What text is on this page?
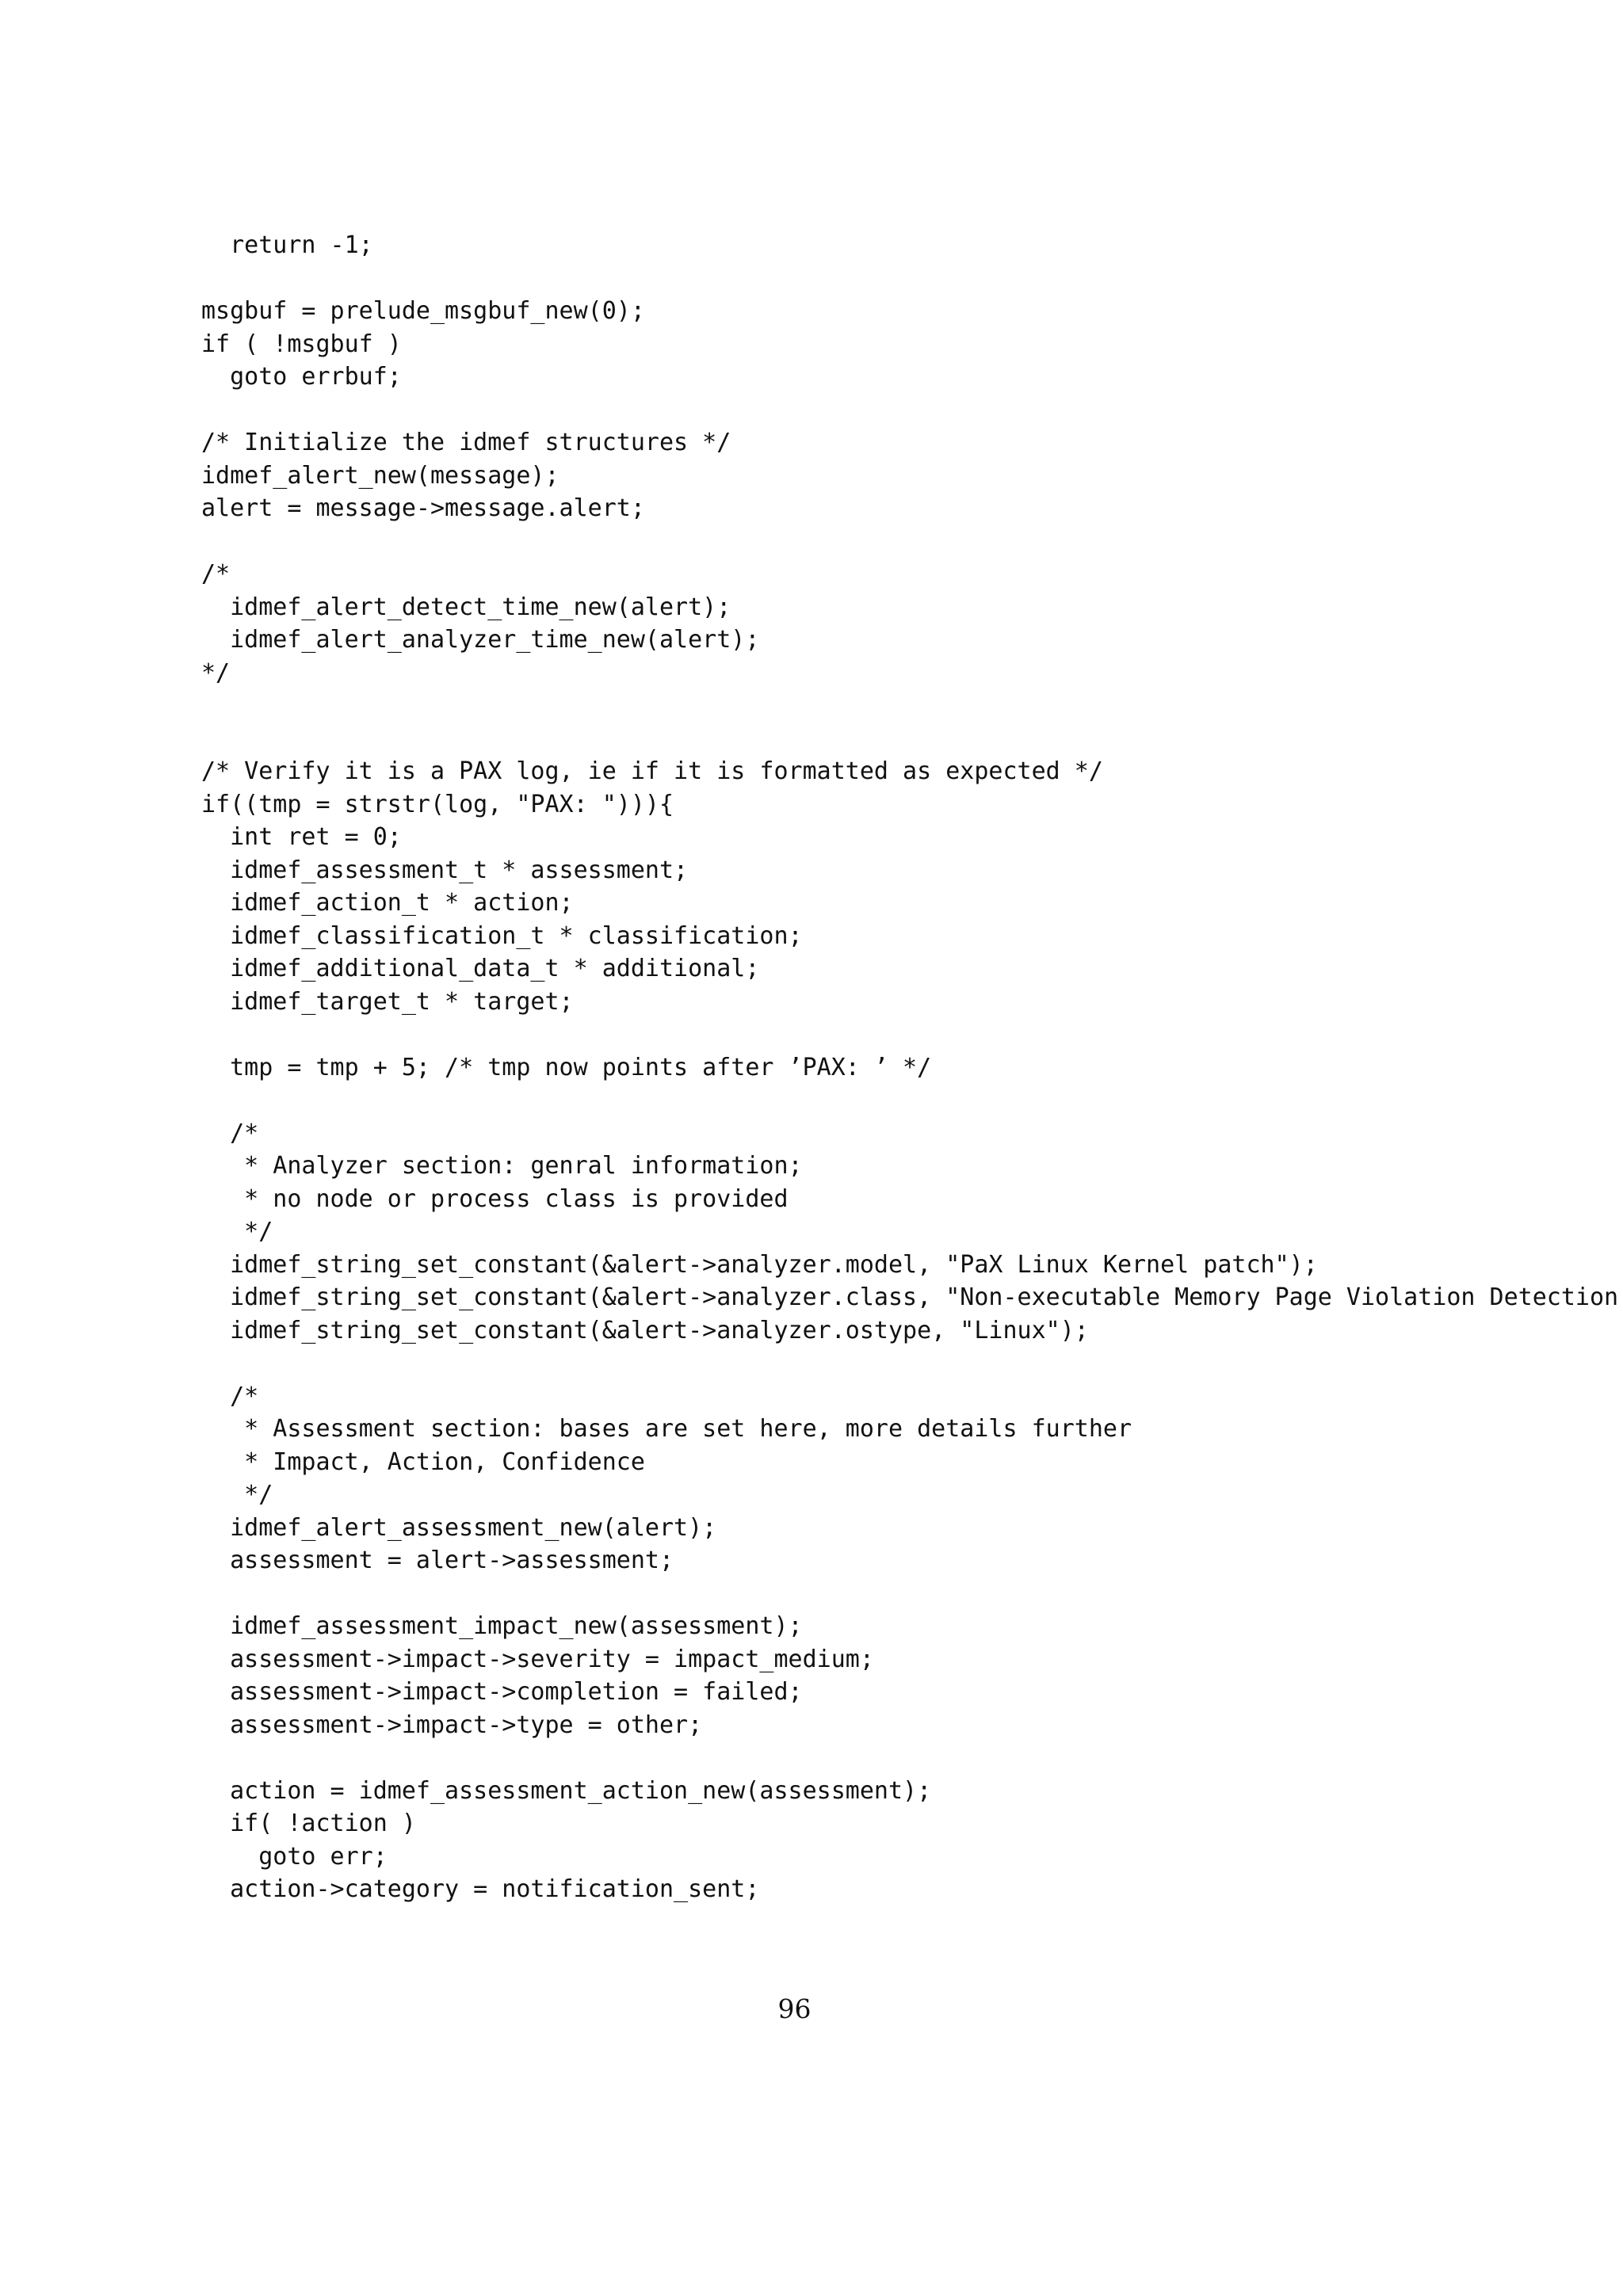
return -1;
msgbuf = prelude_msgbuf_new(0);
if ( !msgbuf )
goto errbuf;
/* Initialize the idmef structures */
idmef_alert_new(message);
alert = message->message.alert;
/*
idmef_alert_detect_time_new(alert);
idmef_alert_analyzer_time_new(alert);
*/
/* Verify it is a PAX log, ie if it is formatted as expected */
if((tmp = strstr(log, "PAX: "))){
int ret = 0;
idmef_assessment_t * assessment;
idmef_action_t * action;
idmef_classification_t * classification;
idmef_additional_data_t * additional;
idmef_target_t * target;
tmp = tmp + 5; /* tmp now points after ’PAX: ’ */
/*
* Analyzer section: genral information;
* no node or process class is provided
*/
idmef_string_set_constant(&alert->analyzer.model, "PaX Linux Kernel patch");
idmef_string_set_constant(&alert->analyzer.class, "Non-executable Memory Page Violation Detection
idmef_string_set_constant(&alert->analyzer.ostype, "Linux");
/*
* Assessment section: bases are set here, more details further
* Impact, Action, Confidence
*/
idmef_alert_assessment_new(alert);
assessment = alert->assessment;
idmef_assessment_impact_new(assessment);
assessment->impact->severity = impact_medium;
assessment->impact->completion = failed;
assessment->impact->type = other;
action = idmef_assessment_action_new(assessment);
if( !action )
goto err;
action->category = notification_sent;
96
